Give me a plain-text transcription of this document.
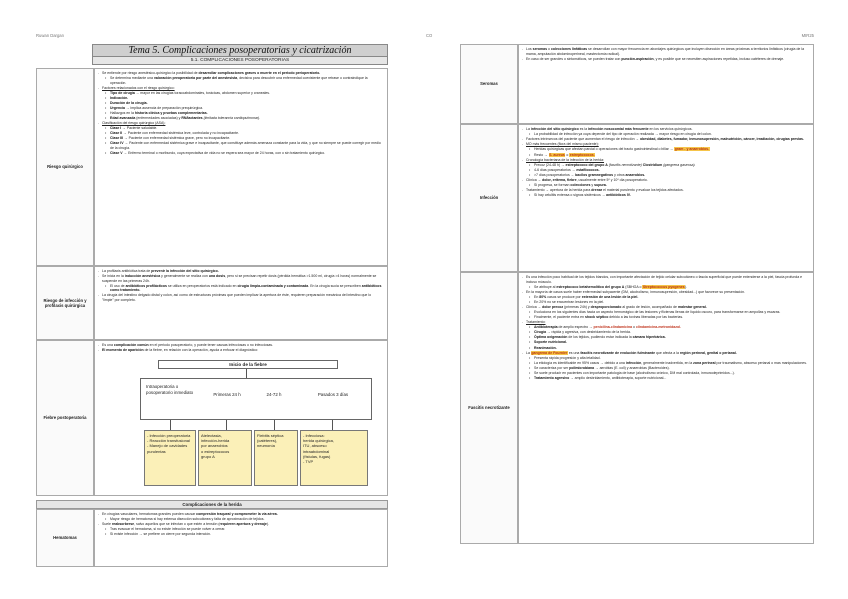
Ruwan Dargan
Tema 5. Complicaciones posoperatorias y cicatrización
5.1. COMPLICACIONES POSOPERATORIAS
Riesgo quirúrgico
- Se entiende por riesgo anestésico-quirúrgico la posibilidad de desarrollar complicaciones graves o muerte en el periodo perioperatorio.
• Se determina mediante una valoración preoperatoria por parte del anestesista, decisiva para descubrir una enfermedad coexistente que retrase o contraindique la operación.
- Factores relacionados con el riesgo quirúrgico:
• Tipo de cirugía → mayor en las cirugías toracoabdominales, torácicas, abdomen superior y craneales.
• Indicación.
• Duración de la cirugía.
• Urgencia → implica ausencia de preparación prequirúrgica.
• Hallazgos en la historia clínica y pruebas complementarias.
• Edad avanzada (enfermedades asociadas) y RN/lactantes (limitada tolerancia cardiopulmonar).
- Clasificación del riesgo quirúrgico (ASA):
• Clase I → Paciente saludable.
• Clase II → Paciente con enfermedad sistémica leve, controlada y no incapacitante.
• Clase III → Paciente con enfermedad sistémica grave, pero no incapacitante.
• Clase IV → Paciente con enfermedad sistémica grave e incapacitante, que constituye además amenaza constante para la vida, y que no siempre se puede corregir por medio de la cirugía.
• Clase V → Enfermo terminal o moribundo, cuya expectativa de vida no se espera sea mayor de 24 horas, con o sin tratamiento quirúrgico.
Riesgo de infección y profilaxis quirúrgica
- La profilaxis antibiótica trata de prevenir la infección del sitio quirúrgico.
- Se inicia en la inducción anestésica y generalmente se realiza con una dosis, pero si se precisan repetir dosis (pérdida hemática >1.500 ml, cirugía >4 horas) normalmente se suspende en las primeras 24h.
• El uso de antibióticos profilácticos se utiliza en preoperatorios está indicado en cirugía limpia-contaminada y contaminada. En la cirugía sucia se prescriben antibióticos como tratamiento.
- La cirugía del intestino delgado distal y colon, así como de estructuras próximas que pueden implicar la apertura de éste, requieren preparación mecánica del intestino que lo "limpie" por completo.
Fiebre postoperatoria
- Es una complicación común en el periodo posoperatorio, y puede tener causas infecciosas o no infecciosas.
- El momento de aparición de la fiebre, en relación con la operación, ayuda a enfocar el diagnóstico:
Inicio de la fiebre
Intraoperatoria o posoperatorio inmediato	Primeras 24 h	24-72 h	Pasados 3 días
- Infección preoperatoria
- Reacción transfusional
- Manejo de cavidades purulentas
Atelectasia,
infección-herida
por anaerobios
o estreptococos
grupo A
Flebitis séptica
(catéteres),
neumonía
- Infecciosa:
herida quirúrgica,
ITU, absceso
intraabdominal
(fístulas, fugas)
- TVP
Complicaciones de la herida
Hematomas
- En cirugías vasculares, hematomas grandes pueden causar compresión traqueal y comprometer la vía aérea.
• Mayor riesgo de hematoma si hay extensa disección subcutánea y falta de aproximación de tejidos.
- Suele reabsorberse, salvo aquellos que se infectan o que estén a tensión (requieren apertura y drenaje).
• Tras evacuar el hematoma, si no existe infección se puede volver a cerrar.
• Si existe infección → se prefiere un cierre por segunda intención.
CO	MIR25
Seromas
- Los seromas o colecciones linfáticas se desarrollan con mayor frecuencia en abordajes quirúrgicos que incluyen disección en áreas próximas a territorios linfáticos (cirugía de la mama, amputación abdominoperineal, mastectomía radical).
- En caso de ser grandes o sintomáticos, se pueden tratar con punción-aspiración, y es posible que se necesiten aspiraciones repetidas, incluso catéteres de drenaje.
Infección
- La infección del sitio quirúrgico es la infección nosocomial más frecuente en los servicios quirúrgicos.
• La probabilidad de infección ya cuya depende del tipo de operación realizada → mayor riesgo en cirugía del colon.
- Factores intrínsecos del paciente que aumentan el riesgo de infección → obesidad, diabetes, fumador, inmunosupresión, malnutrición, cáncer, irradiación, cirugías previas.
- MO más frecuentes (flora del mismo paciente):
• Heridas quirúrgicas que afectan parcial o operaciones del tracto gastrointestinal o biliar → gram - y anaerobios.
• Resto → S. aureus o estreptococos.
- Cronología bacteriana de la infección de la herida:
• Precoz (24-48 h) → estreptococo del grupo A (fascitis necrotizante) Clostridium (gangrena gaseosa).
• 4-6 días posoperatorios → estafilococos.
• >7 días posoperatorios → bacilos gramnegativos y otros anaerobios.
- Clínica → dolor, eritema, fiebre, usualmente entre 5º y 10º día posoperatorio.
• Si progresa, se forman colecciones y supura.
- Tratamiento → apertura de la herida para drenar el material purulento y evaluar los tejidos afectados.
• Si hay celulitis extensa o signos sistémicos → antibióticos IV.
Fascitis necrotizante
- Es una infección poco habitual de los tejidos blandos, con importante afectación de tejido celular subcutáneo o fascia superficial que puede extenderse a la piel, fascia profunda e incluso músculo.
• Se atribuye al estreptococo betahemolítico del grupo A (SBHGA o Streptococcus pyogenes).
- En la mayoría de casos suele haber enfermedad subyacente (DM, alcoholismo, inmunosupresión, obesidad...) que favorece su presentación.
• En 80% casos se produce por extensión de una lesión de la piel.
• En 20% no se encuentran lesiones en la piel.
- Clínica → dolor precoz (primeras 24h) y desproporcionado al grado de lesión, acompañado de malestar general.
• Evoluciona en los siguientes días hacia un aspecto hemorrágico de las lesiones y flictenas llenas de líquido oscuro, para transformarse en ampollas y escaras.
• Finalmente, el paciente entra en shock séptico debido a las toxinas liberadas por las bacterias.
- Tratamiento:
• Antibioterapia de amplio espectro → penicilina-clindamicina o clindamicina-metronidazol.
• Cirugía → rápida y agresiva, con desbridamiento de la herida.
• Óptima oxigenación de los tejidos, pudiendo estar indicada la cámara hiperbárica.
• Soporte nutricional.
• Reanimación.
- La gangrena de Fournier es una fascitis necrotizante de evolución fulminante que afecta a la región perineal, genital o perianal.
• Presenta rápida progresión y alta letalidad.
• La etiología es identificable en 95% casos → debido a una infección, generalmente inadvertida, en la zona perineal por traumatismo, absceso perianal o mas manipulaciones.
• Se caracteriza por ser polimicrobiana → aerobias (E. coli) y anaerobias (Bacteroides).
• Se suele producir en pacientes con importante patología de base (alcoholismo crónico, DM mal controlada, inmunodeprimidos...).
• Tratamiento agresivo → amplio desbridamiento, antibioterapia, soporte nutricional...
